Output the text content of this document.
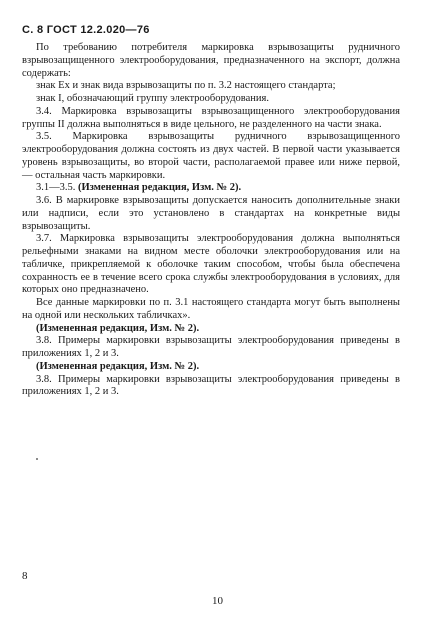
С. 8 ГОСТ 12.2.020—76

По требованию потребителя маркировка взрывозащиты рудничного взрывозащищенного электрооборудования, предназначенного на экспорт, должна содержать:

знак Ex и знак вида взрывозащиты по п. 3.2 настоящего стандарта;

знак I, обозначающий группу электрооборудования.

3.4. Маркировка взрывозащиты взрывозащищенного электрооборудования группы II должна выполняться в виде цельного, не разделенного на части знака.

3.5. Маркировка взрывозащиты рудничного взрывозащищенного электрооборудования должна состоять из двух частей. В первой части указывается уровень взрывозащиты, во второй части, располагаемой правее или ниже первой, — остальная часть маркировки.

3.1—3.5. (Измененная редакция, Изм. № 2).

3.6. В маркировке взрывозащиты допускается наносить дополнительные знаки или надписи, если это установлено в стандартах на конкретные виды взрывозащиты.

3.7. Маркировка взрывозащиты электрооборудования должна выполняться рельефными знаками на видном месте оболочки электрооборудования или на табличке, прикрепляемой к оболочке таким способом, чтобы была обеспечена сохранность ее в течение всего срока службы электрооборудования в условиях, для которых оно предназначено.

Все данные маркировки по п. 3.1 настоящего стандарта могут быть выполнены на одной или нескольких табличках».

(Измененная редакция, Изм. № 2).

3.8. Примеры маркировки взрывозащиты электрооборудования приведены в приложениях 1, 2 и 3.

(Измененная редакция, Изм. № 2).

3.8. Примеры маркировки взрывозащиты электрооборудования приведены в приложениях 1, 2 и 3.

8
10
